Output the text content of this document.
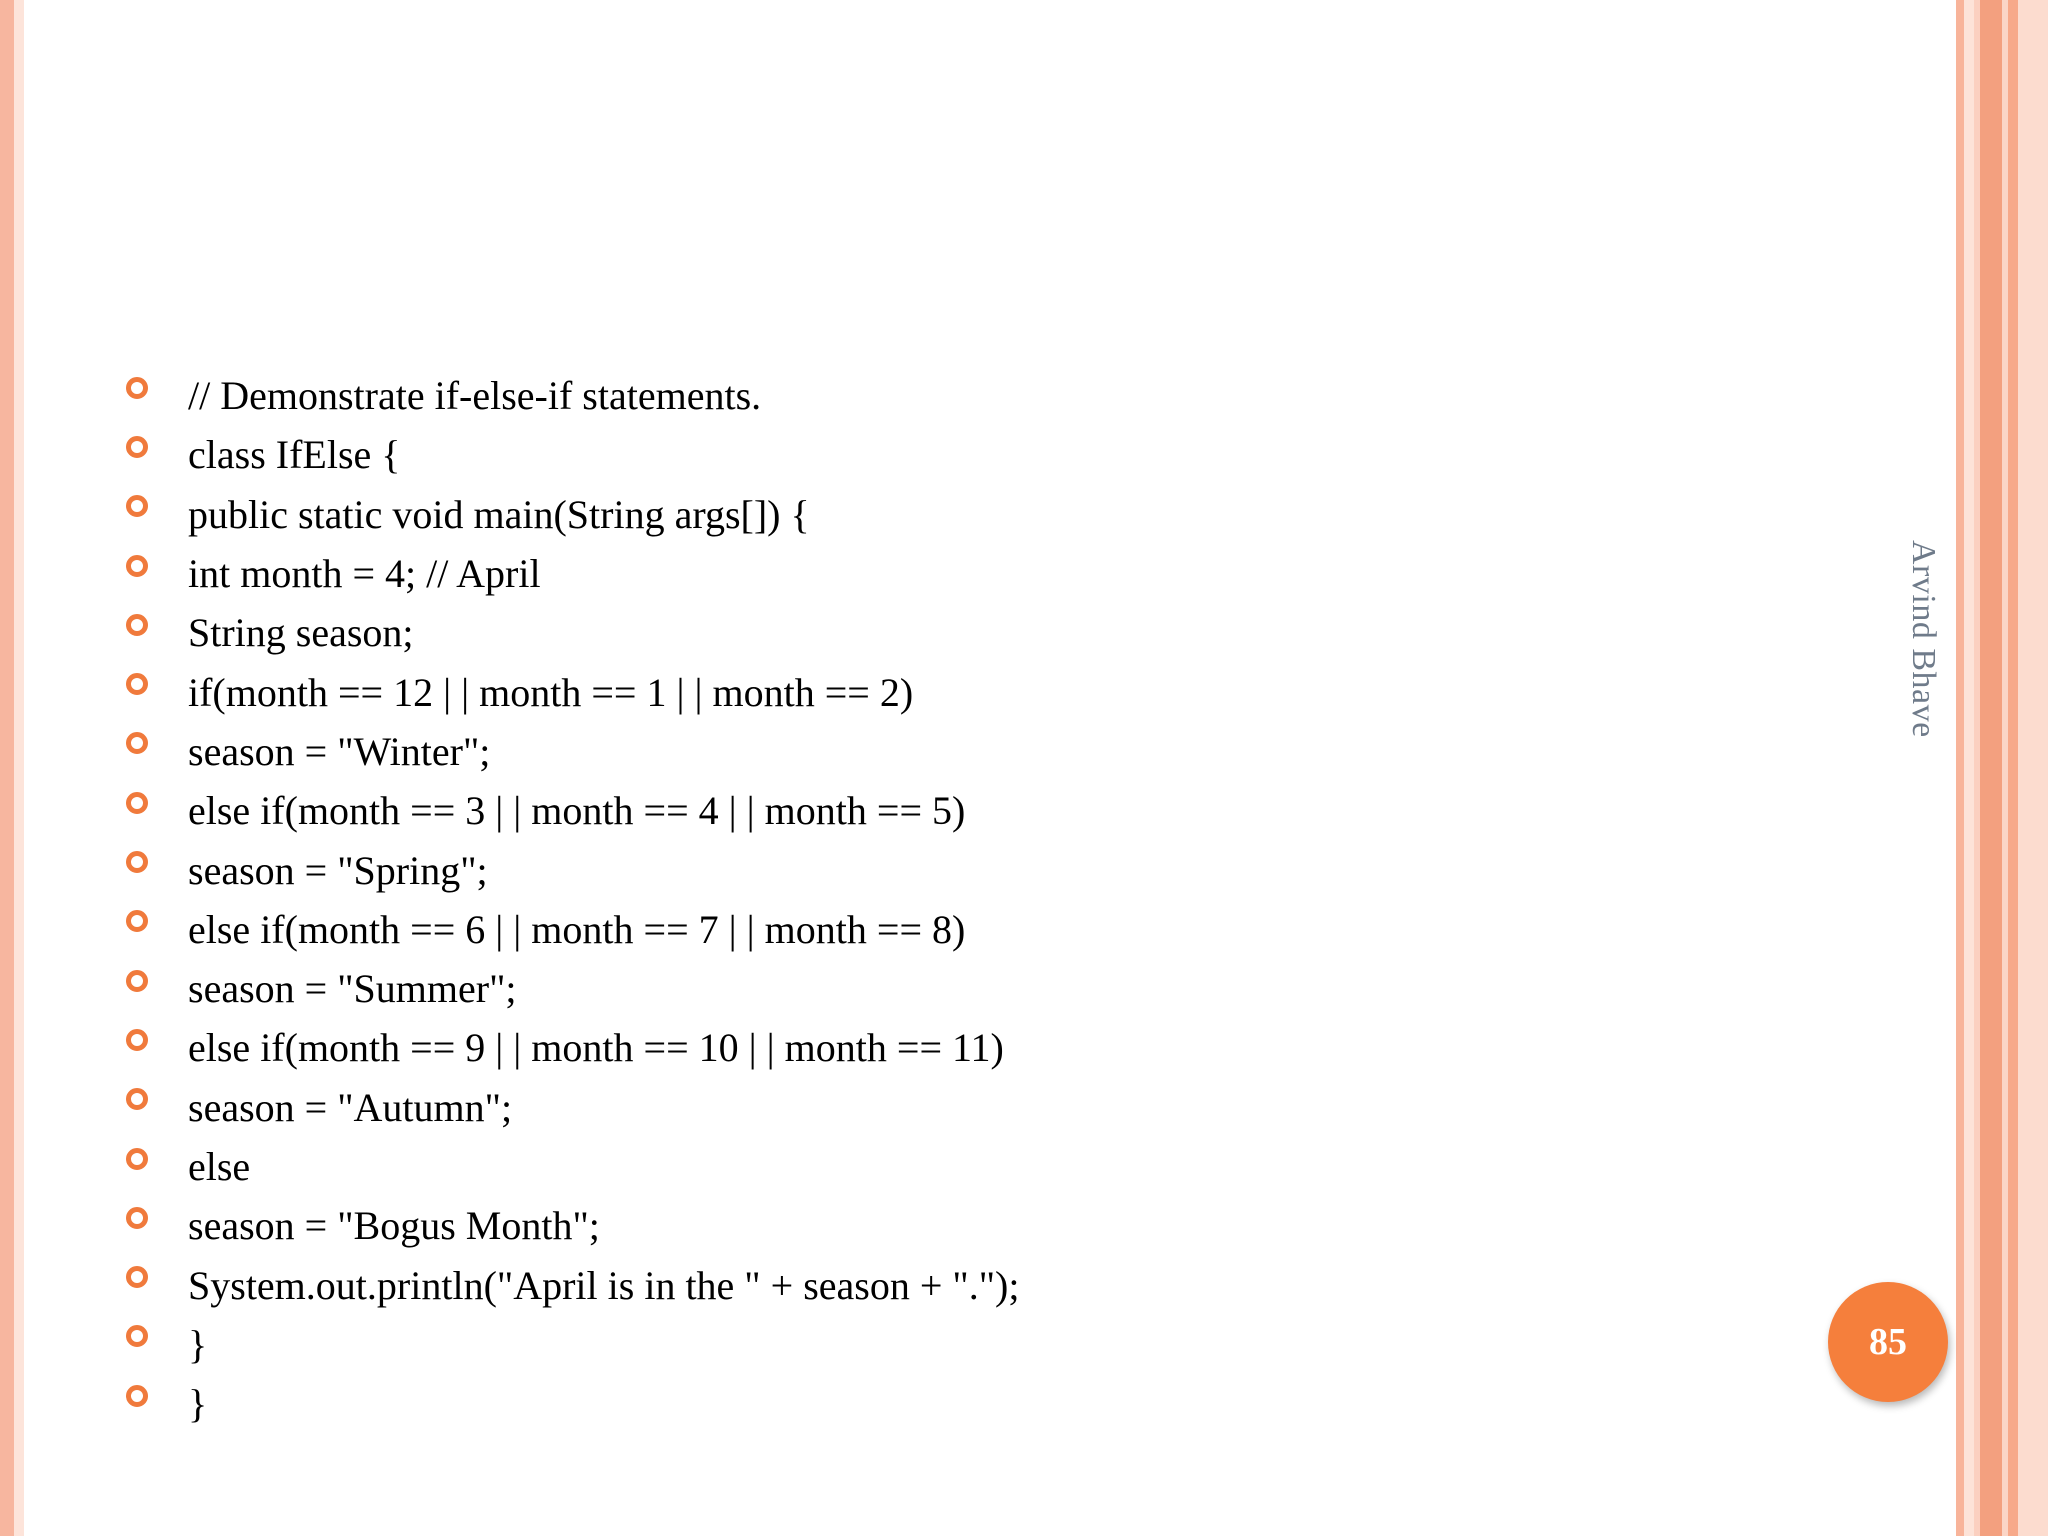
// Demonstrate if-else-if statements.
class IfElse {
public static void main(String args[]) {
int month = 4; // April
String season;
if(month == 12 | | month == 1 | | month == 2)
season = "Winter";
else if(month == 3 | | month == 4 | | month == 5)
season = "Spring";
else if(month == 6 | | month == 7 | | month == 8)
season = "Summer";
else if(month == 9 | | month == 10 | | month == 11)
season = "Autumn";
else
season = "Bogus Month";
System.out.println("April is in the " + season + ".");
}
}
Arvind Bhave
85
